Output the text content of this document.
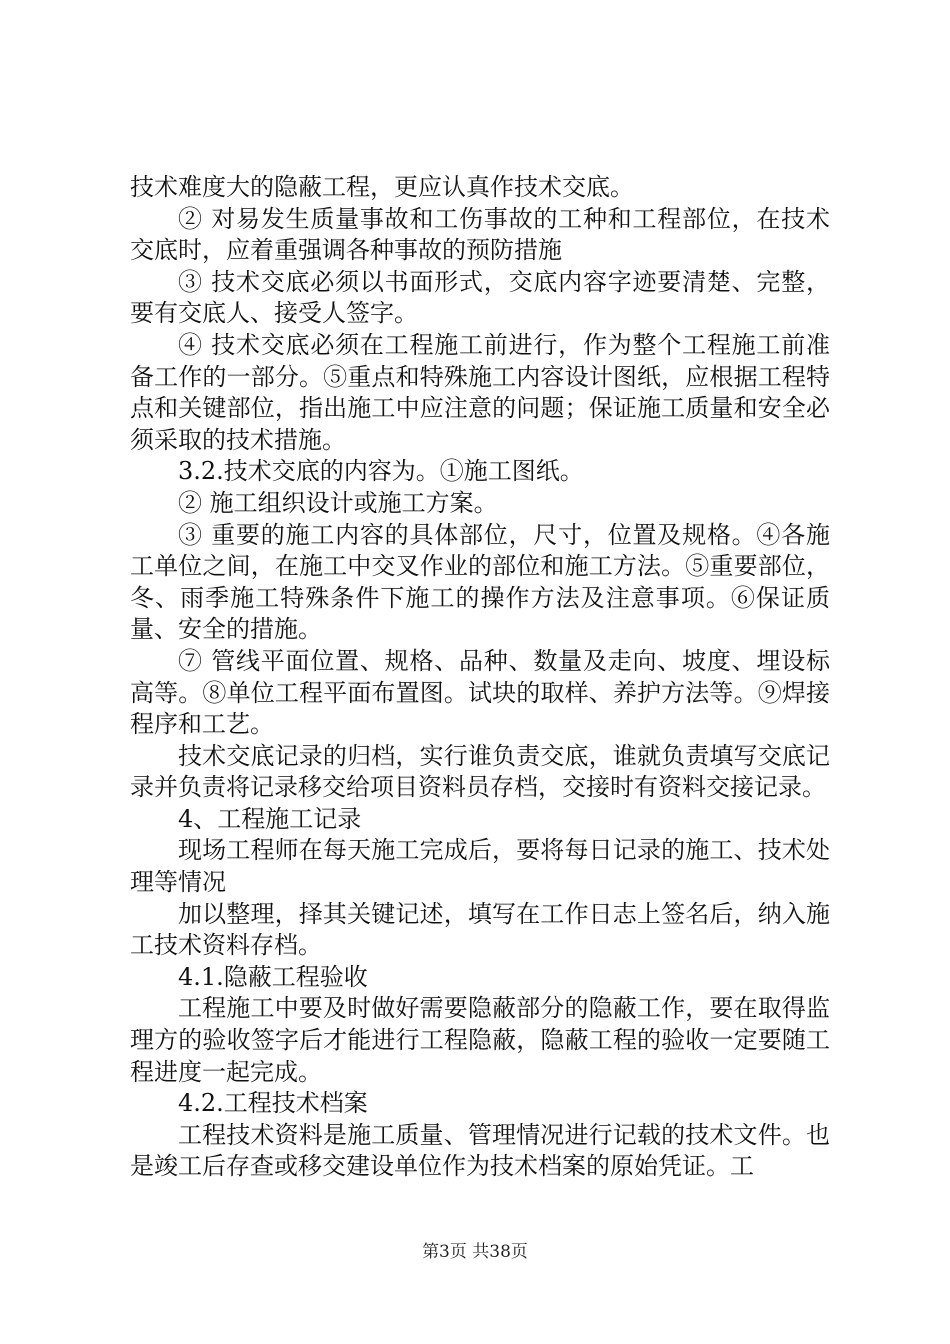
技术难度大的隐蔽工程，更应认真作技术交底。

② 对易发生质量事故和工伤事故的工种和工程部位，在技术交底时，应着重强调各种事故的预防措施

③ 技术交底必须以书面形式，交底内容字迹要清楚、完整，要有交底人、接受人签字。

④ 技术交底必须在工程施工前进行，作为整个工程施工前准备工作的一部分。⑤重点和特殊施工内容设计图纸，应根据工程特点和关键部位，指出施工中应注意的问题；保证施工质量和安全必须采取的技术措施。

3.2.技术交底的内容为。①施工图纸。

② 施工组织设计或施工方案。

③ 重要的施工内容的具体部位，尺寸，位置及规格。④各施工单位之间，在施工中交叉作业的部位和施工方法。⑤重要部位，冬、雨季施工特殊条件下施工的操作方法及注意事项。⑥保证质量、安全的措施。

⑦ 管线平面位置、规格、品种、数量及走向、坡度、埋设标高等。⑧单位工程平面布置图。试块的取样、养护方法等。⑨焊接程序和工艺。

技术交底记录的归档，实行谁负责交底，谁就负责填写交底记录并负责将记录移交给项目资料员存档，交接时有资料交接记录。

4、工程施工记录

现场工程师在每天施工完成后，要将每日记录的施工、技术处理等情况

加以整理，择其关键记述，填写在工作日志上签名后，纳入施工技术资料存档。

4.1.隐蔽工程验收

工程施工中要及时做好需要隐蔽部分的隐蔽工作，要在取得监理方的验收签字后才能进行工程隐蔽，隐蔽工程的验收一定要随工程进度一起完成。

4.2.工程技术档案

工程技术资料是施工质量、管理情况进行记载的技术文件。也是竣工后存查或移交建设单位作为技术档案的原始凭证。工

第3页 共38页
